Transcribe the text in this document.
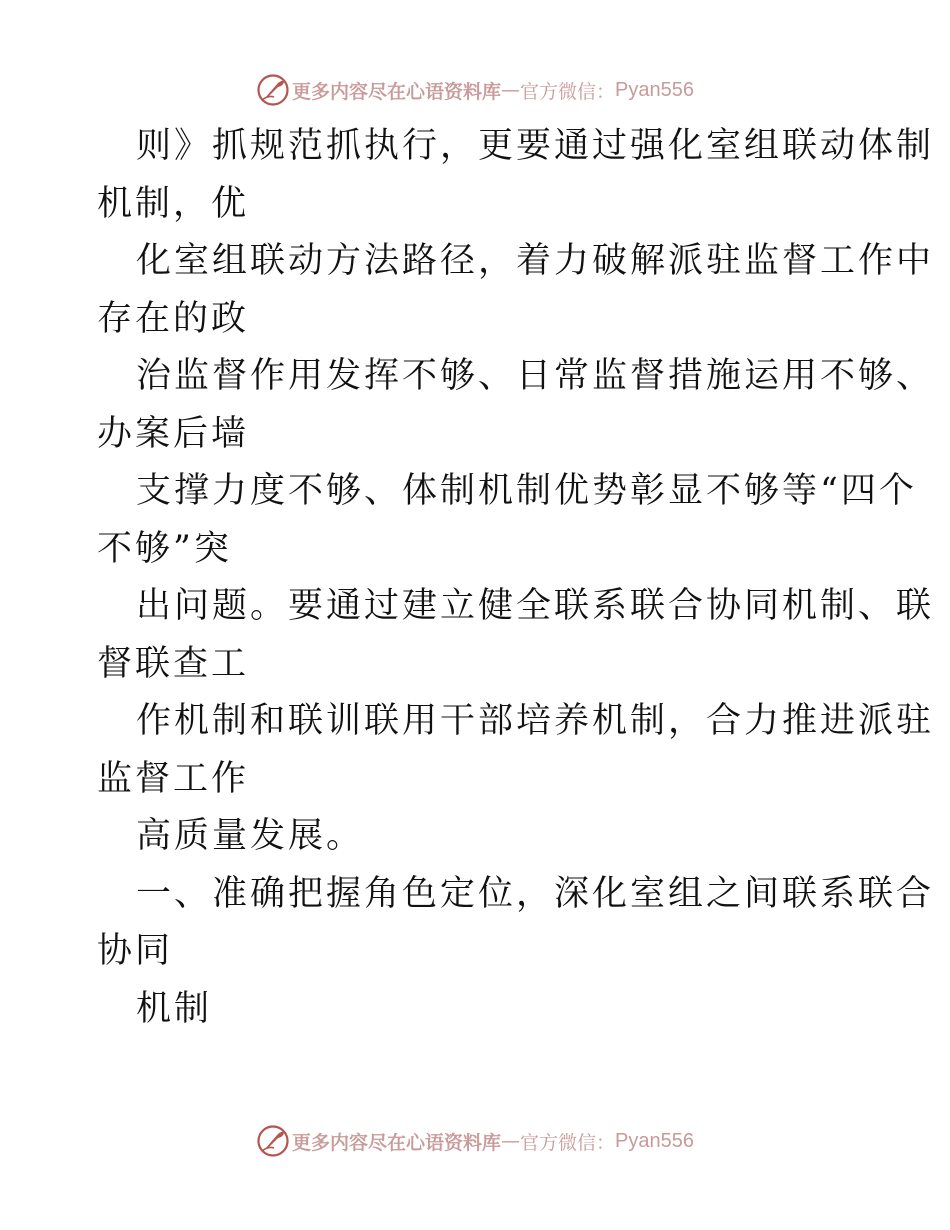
更多内容尽在心语资料库 — 官方微信： Pyan556
则》抓规范抓执行，更要通过强化室组联动体制
机制，优
化室组联动方法路径，着力破解派驻监督工作中
存在的政
治监督作用发挥不够、日常监督措施运用不够、
办案后墙
支撑力度不够、体制机制优势彰显不够等“四个
不够”突
出问题。要通过建立健全联系联合协同机制、联
督联查工
作机制和联训联用干部培养机制，合力推进派驻
监督工作
高质量发展。
一、准确把握角色定位，深化室组之间联系联合
协同
机制
更多内容尽在心语资料库 — 官方微信： Pyan556
